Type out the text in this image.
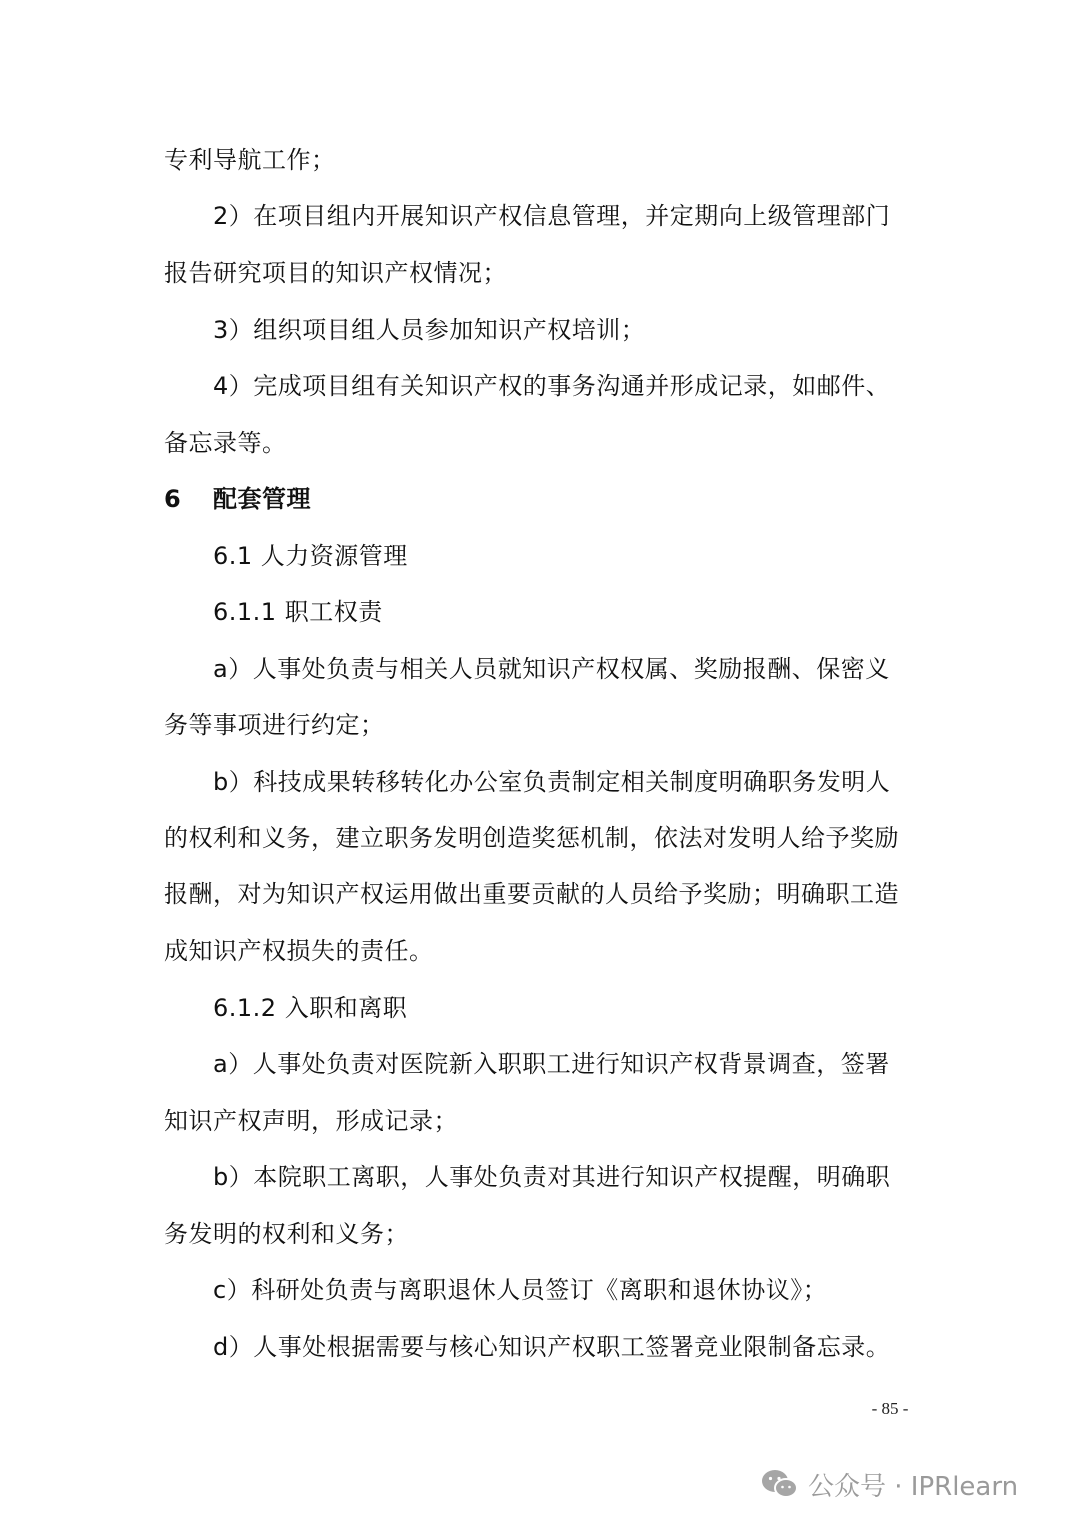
专利导航工作；
2）在项目组内开展知识产权信息管理，并定期向上级管理部门
报告研究项目的知识产权情况；
3）组织项目组人员参加知识产权培训；
4）完成项目组有关知识产权的事务沟通并形成记录，如邮件、
备忘录等。
6 配套管理
6.1 人力资源管理
6.1.1 职工权责
a）人事处负责与相关人员就知识产权权属、奖励报酬、保密义
务等事项进行约定；
b）科技成果转移转化办公室负责制定相关制度明确职务发明人
的权利和义务，建立职务发明创造奖惩机制，依法对发明人给予奖励
报酬，对为知识产权运用做出重要贡献的人员给予奖励；明确职工造
成知识产权损失的责任。
6.1.2 入职和离职
a）人事处负责对医院新入职职工进行知识产权背景调查，签署
知识产权声明，形成记录；
b）本院职工离职，人事处负责对其进行知识产权提醒，明确职
务发明的权利和义务；
c）科研处负责与离职退休人员签订《离职和退休协议》；
d）人事处根据需要与核心知识产权职工签署竞业限制备忘录。
- 85 -
公众号 · IPRlearn
